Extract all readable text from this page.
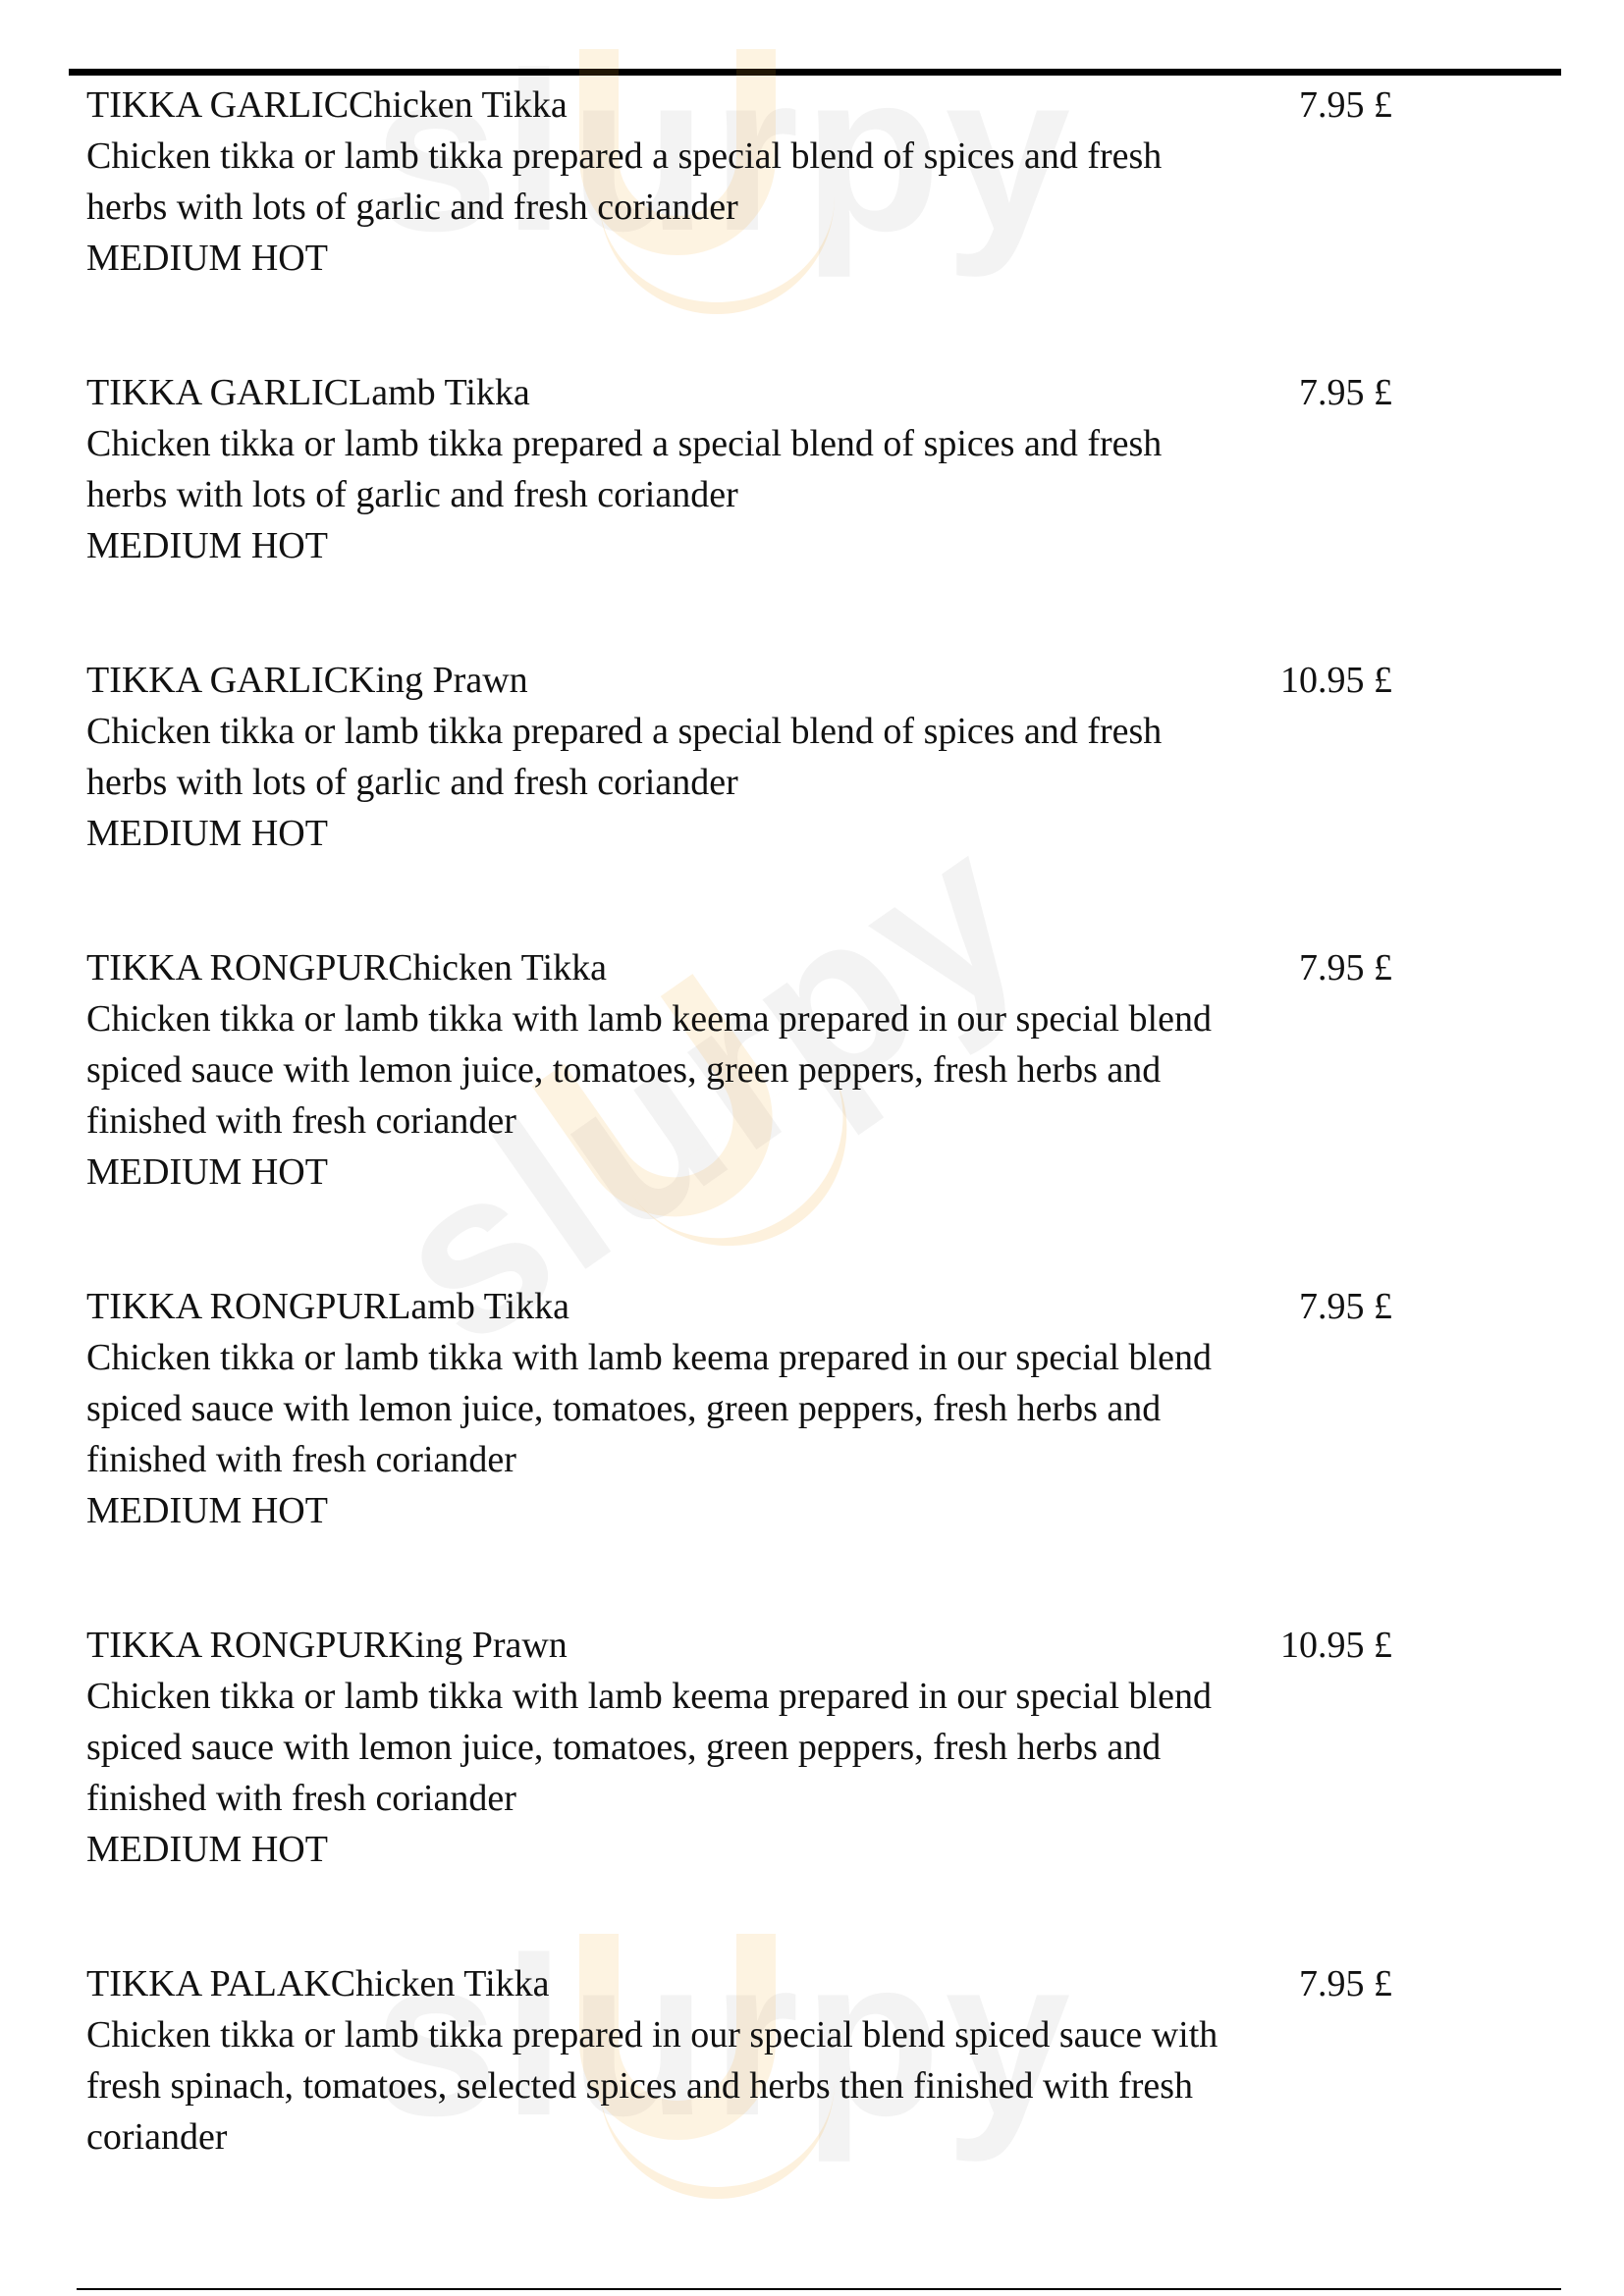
TIKKA GARLICChicken Tikka

Chicken tikka or lamb tikka prepared a special blend of spices and fresh herbs with lots of garlic and fresh coriander

MEDIUM HOT

7.95 £

TIKKA GARLICLamb Tikka

Chicken tikka or lamb tikka prepared a special blend of spices and fresh herbs with lots of garlic and fresh coriander

MEDIUM HOT

7.95 £

TIKKA GARLICKing Prawn

Chicken tikka or lamb tikka prepared a special blend of spices and fresh herbs with lots of garlic and fresh coriander

MEDIUM HOT

10.95 £

TIKKA RONGPURChicken Tikka

Chicken tikka or lamb tikka with lamb keema prepared in our special blend spiced sauce with lemon juice, tomatoes, green peppers, fresh herbs and finished with fresh coriander

MEDIUM HOT

7.95 £

TIKKA RONGPURLamb Tikka

Chicken tikka or lamb tikka with lamb keema prepared in our special blend spiced sauce with lemon juice, tomatoes, green peppers, fresh herbs and finished with fresh coriander

MEDIUM HOT

7.95 £

TIKKA RONGPURKing Prawn

Chicken tikka or lamb tikka with lamb keema prepared in our special blend spiced sauce with lemon juice, tomatoes, green peppers, fresh herbs and finished with fresh coriander

MEDIUM HOT

10.95 £

TIKKA PALAKChicken Tikka

Chicken tikka or lamb tikka prepared in our special blend spiced sauce with fresh spinach, tomatoes, selected spices and herbs then finished with fresh coriander

7.95 £
